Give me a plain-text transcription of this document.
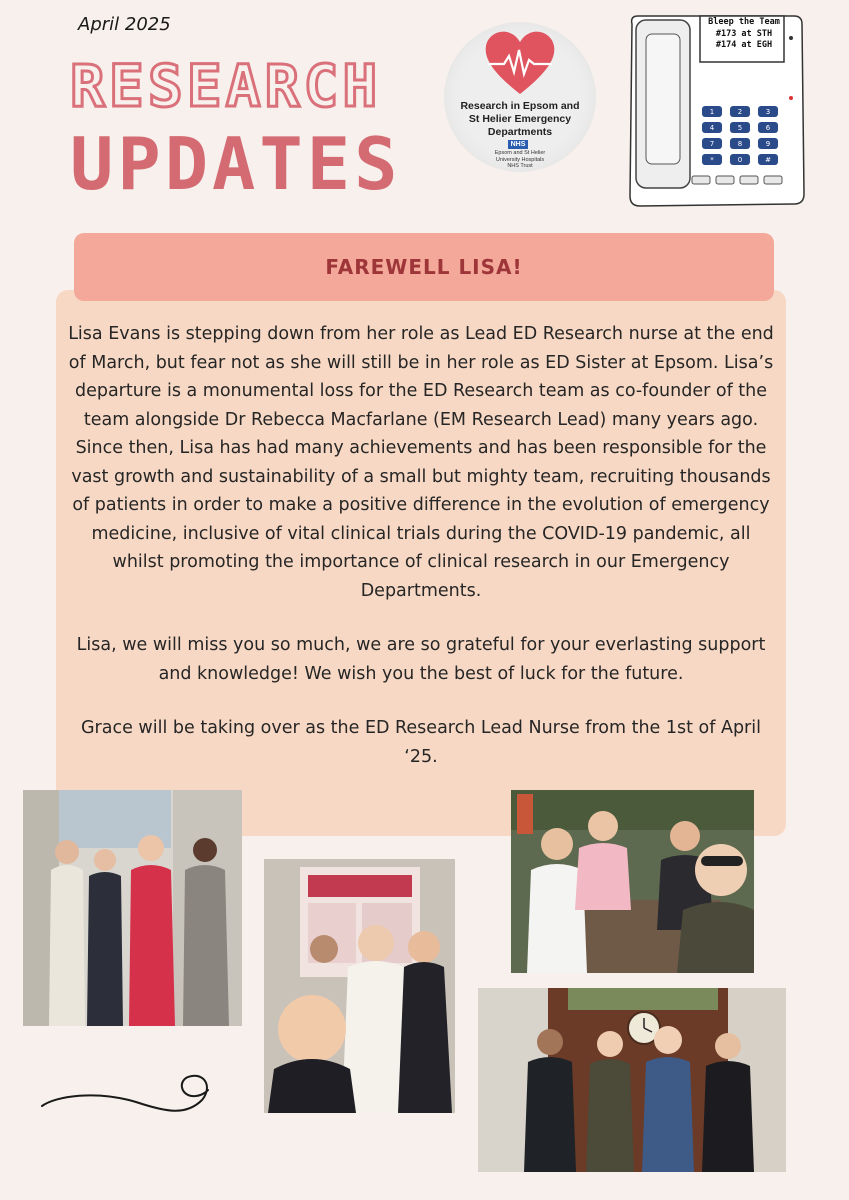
April 2025
RESEARCH
UPDATES
Research in Epsom and
St Helier Emergency
Departments
NHS
Epsom and St Helier
University Hospitals
NHS Trust
1	2	3
4	5	6
7	8	9
*	0	#
Bleep the Team
#173 at STH
#174 at EGH
FAREWELL LISA!

Lisa Evans is stepping down from her role as Lead ED Research nurse at the end of March, but fear not as she will still be in her role as ED Sister at Epsom. Lisa’s departure is a monumental loss for the ED Research team as co-founder of the team alongside Dr Rebecca Macfarlane (EM Research Lead) many years ago. Since then, Lisa has had many achievements and has been responsible for the vast growth and sustainability of a small but mighty team, recruiting thousands of patients in order to make a positive difference in the evolution of emergency medicine, inclusive of vital clinical trials during the COVID-19 pandemic, all whilst promoting the importance of clinical research in our Emergency Departments.

Lisa, we will miss you so much, we are so grateful for your everlasting support and knowledge! We wish you the best of luck for the future.

Grace will be taking over as the ED Research Lead Nurse from the 1st of April ‘25.
